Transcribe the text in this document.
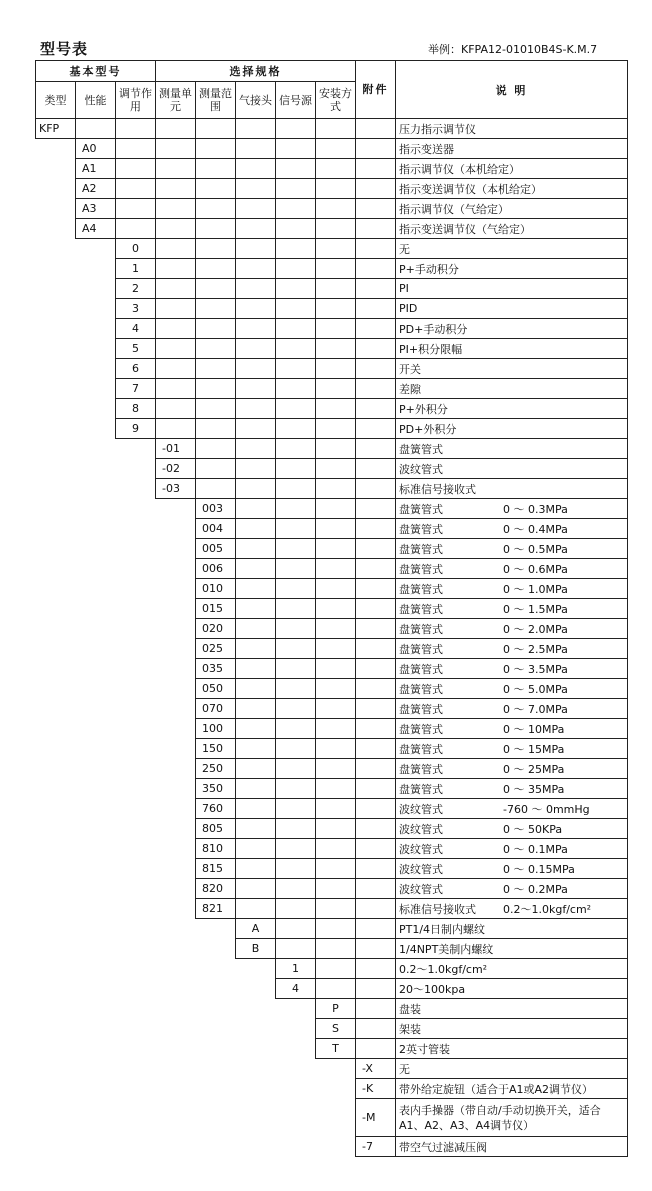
型号表	举例：KFPA12-01010B4S-K.M.7
基本型号			选择规格					附件	说 明
类型	性能	调节作用	测量单元	测量范围	气接头	信号源	安装方式		
KFP									压力指示调节仪
	A0								指示变送器
	A1								指示调节仪（本机给定）
	A2								指示变送调节仪（本机给定）
	A3								指示调节仪（气给定）
	A4								指示变送调节仪（气给定）
		0							无
		1							P+手动积分
		2							PI
		3							PID
		4							PD+手动积分
		5							PI+积分限幅
		6							开关
		7							差隙
		8							P+外积分
		9							PD+外积分
			-01						盘簧管式
			-02						波纹管式
			-03						标准信号接收式
				003					盘簧管式 0 ～ 0.3MPa
				004					盘簧管式 0 ～ 0.4MPa
				005					盘簧管式 0 ～ 0.5MPa
				006					盘簧管式 0 ～ 0.6MPa
				010					盘簧管式 0 ～ 1.0MPa
				015					盘簧管式 0 ～ 1.5MPa
				020					盘簧管式 0 ～ 2.0MPa
				025					盘簧管式 0 ～ 2.5MPa
				035					盘簧管式 0 ～ 3.5MPa
				050					盘簧管式 0 ～ 5.0MPa
				070					盘簧管式 0 ～ 7.0MPa
				100					盘簧管式 0 ～ 10MPa
				150					盘簧管式 0 ～ 15MPa
				250					盘簧管式 0 ～ 25MPa
				350					盘簧管式 0 ～ 35MPa
				760					波纹管式 -760 ～ 0mmHg
				805					波纹管式 0 ～ 50KPa
				810					波纹管式 0 ～ 0.1MPa
				815					波纹管式 0 ～ 0.15MPa
				820					波纹管式 0 ～ 0.2MPa
				821					标准信号接收式 0.2～1.0kgf/cm²
					A				PT1/4日制内螺纹
					B				1/4NPT美制内螺纹
						1			0.2～1.0kgf/cm²
						4			20～100kpa
							P		盘装
							S		架装
							T		2英寸管装
								-X	无
								-K	带外给定旋钮（适合于A1或A2调节仪）
								-M	表内手操器（带自动/手动切换开关，适合A1、A2、A3、A4调节仪）
								-7	带空气过滤减压阀
